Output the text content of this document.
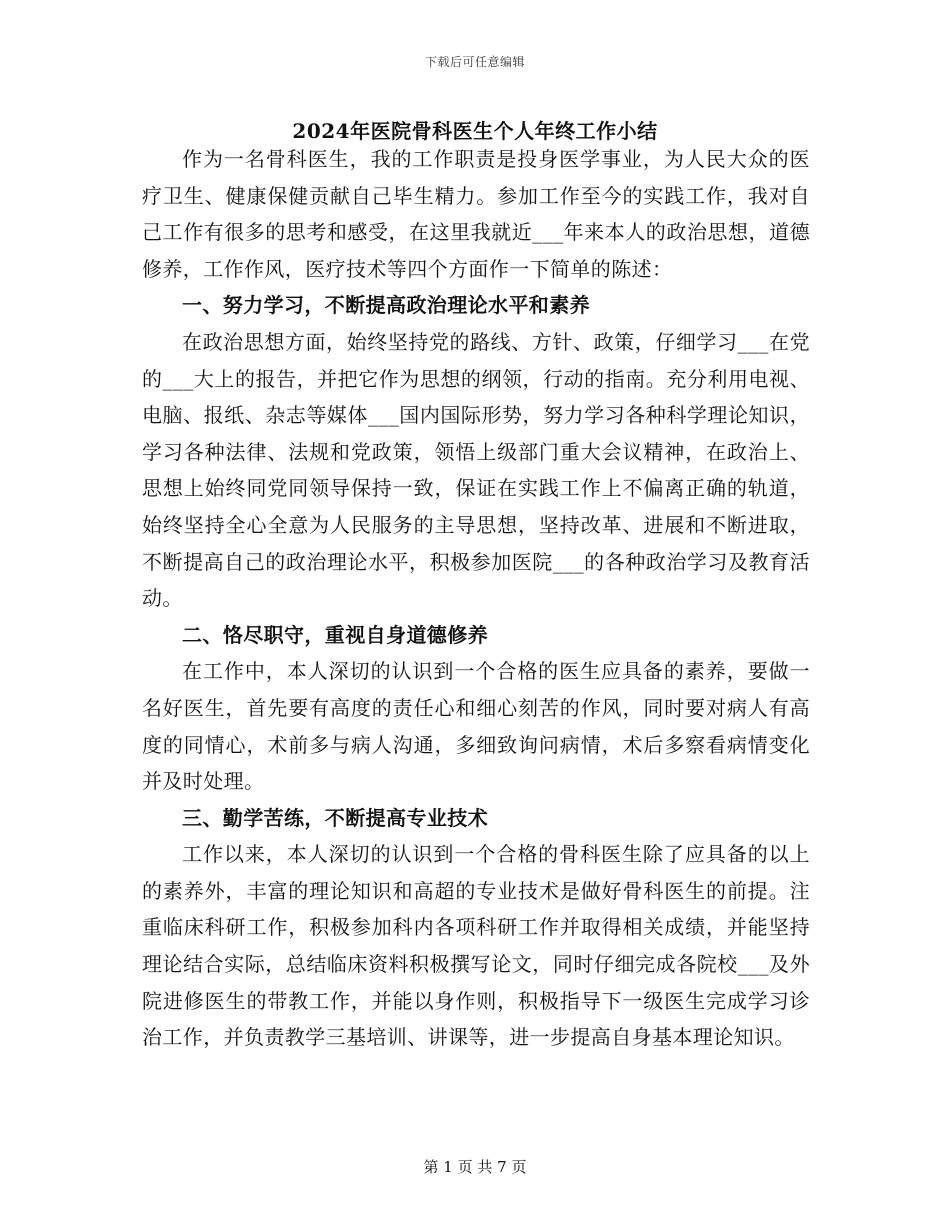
下载后可任意编辑
2024年医院骨科医生个人年终工作小结

作为一名骨科医生，我的工作职责是投身医学事业，为人民大众的医疗卫生、健康保健贡献自己毕生精力。参加工作至今的实践工作，我对自己工作有很多的思考和感受，在这里我就近___年来本人的政治思想，道德修养，工作作风，医疗技术等四个方面作一下简单的陈述：

一、努力学习，不断提高政治理论水平和素养

在政治思想方面，始终坚持党的路线、方针、政策，仔细学习___在党的___大上的报告，并把它作为思想的纲领，行动的指南。充分利用电视、电脑、报纸、杂志等媒体___国内国际形势，努力学习各种科学理论知识，学习各种法律、法规和党政策，领悟上级部门重大会议精神，在政治上、思想上始终同党同领导保持一致，保证在实践工作上不偏离正确的轨道，始终坚持全心全意为人民服务的主导思想，坚持改革、进展和不断进取，不断提高自己的政治理论水平，积极参加医院___的各种政治学习及教育活动。

二、恪尽职守，重视自身道德修养

在工作中，本人深切的认识到一个合格的医生应具备的素养，要做一名好医生，首先要有高度的责任心和细心刻苦的作风，同时要对病人有高度的同情心，术前多与病人沟通，多细致询问病情，术后多察看病情变化并及时处理。

三、勤学苦练，不断提高专业技术

工作以来，本人深切的认识到一个合格的骨科医生除了应具备的以上的素养外，丰富的理论知识和高超的专业技术是做好骨科医生的前提。注重临床科研工作，积极参加科内各项科研工作并取得相关成绩，并能坚持理论结合实际，总结临床资料积极撰写论文，同时仔细完成各院校___及外院进修医生的带教工作，并能以身作则，积极指导下一级医生完成学习诊治工作，并负责教学三基培训、讲课等，进一步提高自身基本理论知识。

第 1 页 共 7 页
